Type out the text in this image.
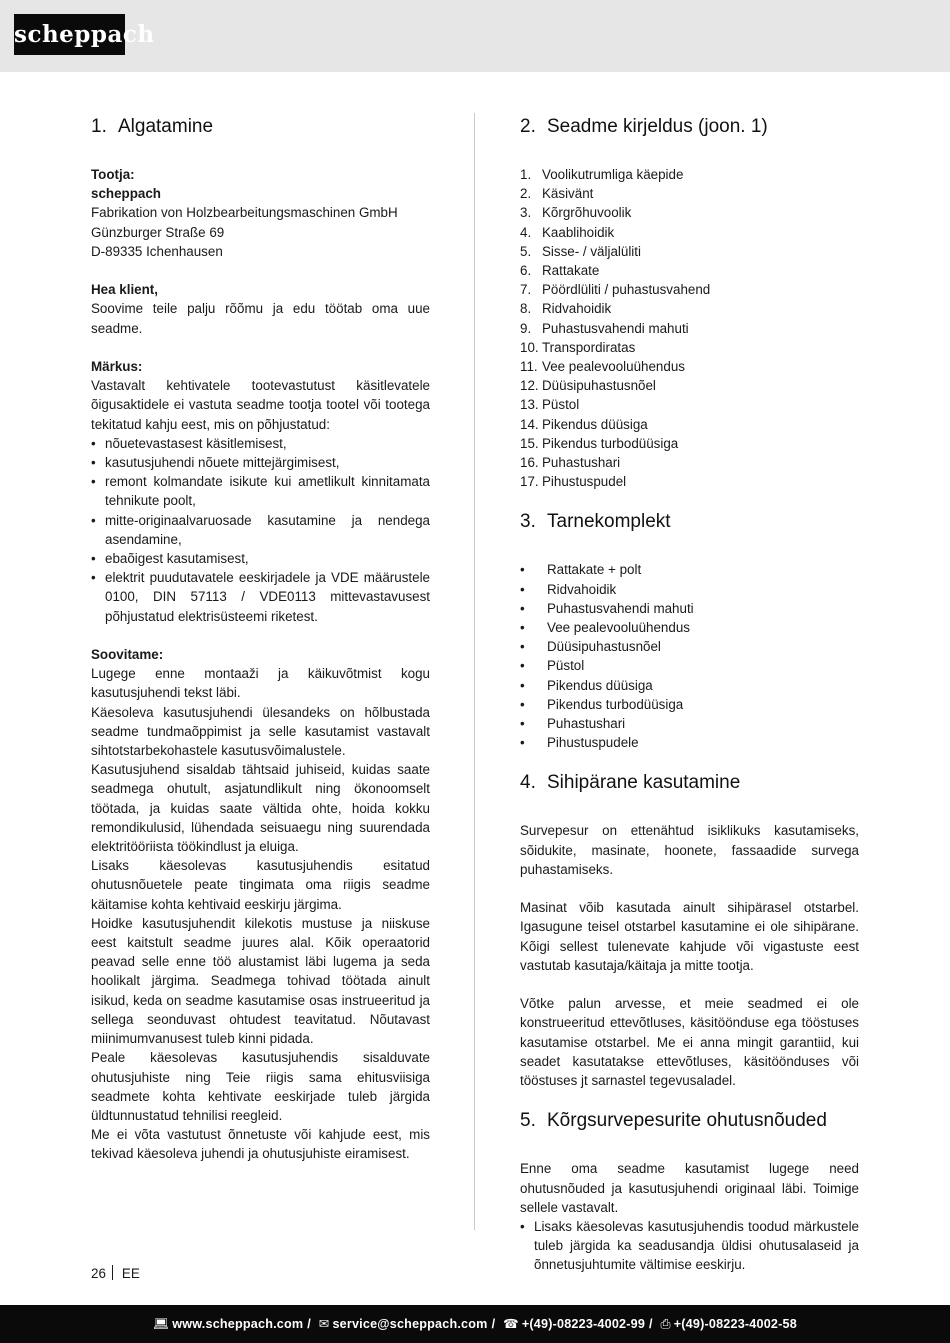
scheppach
1. Algatamine

Tootja:

scheppach

Fabrikation von Holzbearbeitungsmaschinen GmbH

Günzburger Straße 69

D-89335 Ichenhausen

Hea klient,

Soovime teile palju rõõmu ja edu töötab oma uue seadme.

Märkus:

Vastavalt kehtivatele tootevastutust käsitlevatele õigusaktidele ei vastuta seadme tootja tootel või tootega tekitatud kahju eest, mis on põhjustatud:

• nõuetevastasest käsitlemisest,
• kasutusjuhendi nõuete mittejärgimisest,
• remont kolmandate isikute kui ametlikult kinnitamata tehnikute poolt,
• mitte-originaalvaruosade kasutamine ja nendega asendamine,
• ebaõigest kasutamisest,
• elektrit puudutavatele eeskirjadele ja VDE määrustele 0100, DIN 57113 / VDE0113 mittevastavusest põhjustatud elektrisüsteemi riketest.

Soovitame:

Lugege enne montaaži ja käikuvõtmist kogu kasutusjuhendi tekst läbi.

Käesoleva kasutusjuhendi ülesandeks on hõlbustada seadme tundmaõppimist ja selle kasutamist vastavalt sihtotstarbekohastele kasutusvõimalustele.

Kasutusjuhend sisaldab tähtsaid juhiseid, kuidas saate seadmega ohutult, asjatundlikult ning ökonoomselt töötada, ja kuidas saate vältida ohte, hoida kokku remondikulusid, lühendada seisuaegu ning suurendada elektritööriista töökindlust ja eluiga.

Lisaks käesolevas kasutusjuhendis esitatud ohutusnõuetele peate tingimata oma riigis seadme käitamise kohta kehtivaid eeskirju järgima.

Hoidke kasutusjuhendit kilekotis mustuse ja niiskuse eest kaitstult seadme juures alal. Kõik operaatorid peavad selle enne töö alustamist läbi lugema ja seda hoolikalt järgima. Seadmega tohivad töötada ainult isikud, keda on seadme kasutamise osas instrueeritud ja sellega seonduvast ohtudest teavitatud. Nõutavast miinimumvanusest tuleb kinni pidada.

Peale käesolevas kasutusjuhendis sisalduvate ohutusjuhiste ning Teie riigis sama ehitusviisiga seadmete kohta kehtivate eeskirjade tuleb järgida üldtunnustatud tehnilisi reegleid.

Me ei võta vastutust õnnetuste või kahjude eest, mis tekivad käesoleva juhendi ja ohutusjuhiste eiramisest.

2. Seadme kirjeldus (joon. 1)
1. Voolikutrumliga käepide
2. Käsivänt
3. Kõrgrõhuvoolik
4. Kaablihoidik
5. Sisse- / väljalüliti
6. Rattakate
7. Pöördlüliti / puhastusvahend
8. Ridvahoidik
9. Puhastusvahendi mahuti
10. Transpordiratas
11. Vee pealevooluühendus
12. Düüsipuhastusnõel
13. Püstol
14. Pikendus düüsiga
15. Pikendus turbodüüsiga
16. Puhastushari
17. Pihustuspudel
3. Tarnekomplekt
• Rattakate + polt
• Ridvahoidik
• Puhastusvahendi mahuti
• Vee pealevooluühendus
• Düüsipuhastusnõel
• Püstol
• Pikendus düüsiga
• Pikendus turbodüüsiga
• Puhastushari
• Pihustuspudele
4. Sihipärane kasutamine

Survepesur on ettenähtud isiklikuks kasutamiseks, sõidukite, masinate, hoonete, fassaadide survega puhastamiseks.

Masinat võib kasutada ainult sihipärasel otstarbel. Igasugune teisel otstarbel kasutamine ei ole sihipärane. Kõigi sellest tulenevate kahjude või vigastuste eest vastutab kasutaja/käitaja ja mitte tootja.

Võtke palun arvesse, et meie seadmed ei ole konstrueeritud ettevõtluses, käsitööndusе ega tööstuses kasutamise otstarbel. Me ei anna mingit garantiid, kui seadet kasutatakse ettevõtluses, käsitööndusеs või tööstuses jt sarnastel tegevusaladel.

5. Kõrgsurvepesurite ohutusnõuded

Enne oma seadme kasutamist lugege need ohutusnõuded ja kasutusjuhendi originaal läbi. Toimige sellele vastavalt.

• Lisaks käesolevas kasutusjuhendis toodud märkustele tuleb järgida ka seadusandja üldisi ohutusalaseid ja õnnetusjuhtumite vältimise eeskirju.
26 EE
💻︎ www.scheppach.com / ✉ service@scheppach.com / ☎ +(49)-08223-4002-99 / ⎙ +(49)-08223-4002-58
